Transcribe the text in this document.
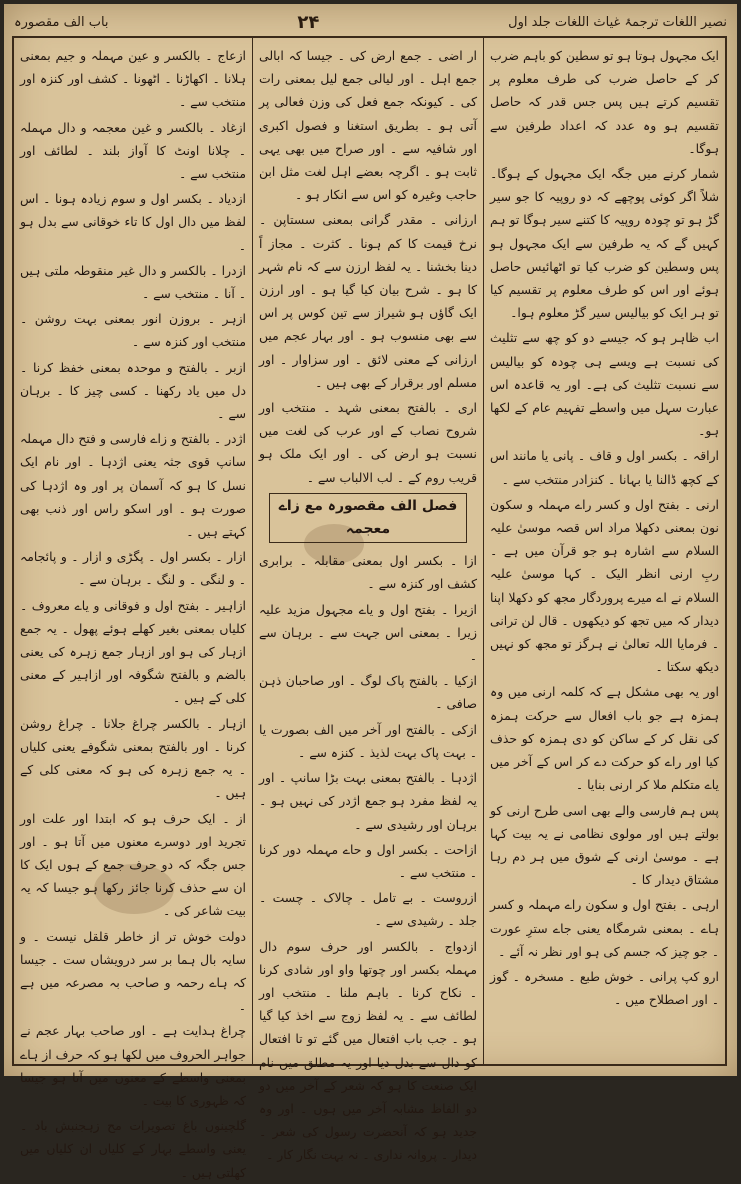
نصیر اللغات ترجمۂ غیاث اللغات جلد اول
۲۴
باب الف مقصورہ

ایک مجہول ہوتا ہو تو سطین کو باہم ضرب کر کے حاصل ضرب کی طرف معلوم پر تقسیم کرتے ہیں پس جس قدر کہ حاصل تقسیم ہو وہ عدد کہ اعداد طرفین سے ہوگا۔

شمار کرنے میں جگہ ایک مجہول کے ہوگا۔ شلاً اگر کوئی پوچھے کہ دو روپیہ کا جو سیر گڑ ہو تو چودہ روپیہ کا کتنے سیر ہوگا تو ہم کہیں گے کہ یہ طرفین سے ایک مجہول ہو پس وسطین کو ضرب کیا تو اٹھائیس حاصل ہوئے اور اس کو طرف معلوم پر تقسیم کیا تو ہر ایک کو بیالیس سیر گڑ معلوم ہوا۔

اب ظاہر ہو کہ جیسے دو کو چھ سے تثلیث کی نسبت ہے ویسے ہی چودہ کو بیالیس سے نسبت تثلیث کی ہے۔ اور یہ قاعدہ اس عبارت سہل میں واسطے تفہیم عام کے لکھا ہو۔

اراقہ ۔ بکسر اول و قاف ۔ پانی یا مانند اس کے کچھ ڈالنا یا بہانا ۔ کنزادر منتخب سے ۔

ارنی ۔ بفتح اول و کسر راے مہملہ و سکون نون بمعنی دکھلا مراد اس قصہ موسیٰ علیہ السلام سے اشارہ ہو جو قرآن میں ہے ۔ ربِ ارنی انظر الیک ۔ کہا موسیٰ علیہ السلام نے اے میرے پروردگار مجھ کو دکھلا اپنا دیدار کہ میں تجھ کو دیکھوں ۔ قال لن ترانی ۔ فرمایا اللہ تعالیٰ نے ہرگز تو مجھ کو نہیں دیکھ سکتا ۔

اور یہ بھی مشکل ہے کہ کلمہ ارنی میں وہ ہمزہ ہے جو باب افعال سے حرکت ہمزہ کی نقل کر کے ساکن کو دی ہمزہ کو حذف کیا اور راے کو حرکت دے کر اس کے آخر میں یاے متکلم ملا کر ارنی بنایا ۔

پس ہم فارسی والے بھی اسی طرح ارنی کو بولتے ہیں اور مولوی نظامی نے یہ بیت کہا ہے ۔ موسیٰ ارنی کے شوق میں ہر دم رہا مشتاق دیدار کا ۔

ارہی ۔ بفتح اول و سکون راے مہملہ و کسر ہاے ۔ بمعنی شرمگاہ یعنی جاے سترِ عورت ۔ جو چیز کہ جسم کی ہو اور نظر نہ آئے ۔

ارو کپ پرانی ۔ خوش طبع ۔ مسخرہ ۔ گوز ۔ اور اصطلاح میں ۔

ار اضی ۔ جمع ارض کی ۔ جیسا کہ ابالی جمع اہل ۔ اور لیالی جمع لیل بمعنی رات کی ۔ کیونکہ جمع فعل کی وزن فعالی پر آتی ہو ۔ بطریق استغنا و فصول اکبری اور شافیہ سے ۔ اور صراح میں بھی یہی ثابت ہو ۔ اگرچہ بعضے اہل لغت مثل ابن حاجب وغیرہ کو اس سے انکار ہو ۔

ارزانی ۔ مقدر گرانی بمعنی سستاپن ۔ نرخ قیمت کا کم ہونا ۔ کثرت ۔ مجاز اً دینا بخشنا ۔ یہ لفظ ارزن سے کہ نام شہر کا ہو ۔ شرح بیان کیا گیا ہو ۔ اور ارزن ایک گاؤں ہو شیراز سے تین کوس پر اس سے بھی منسوب ہو ۔ اور بہار عجم میں ارزانی کے معنی لائق ۔ اور سزاوار ۔ اور مسلم اور برقرار کے بھی ہیں ۔

اری ۔ بالفتح بمعنی شہد ۔ منتخب اور شروح نصاب کے اور عرب کی لغت میں نسبت ہو ارض کی ۔ اور ایک ملک ہو قریب روم کے ۔ لب الالباب سے ۔

فصل الف مقصورہ مع زاے معجمہ

ازا ۔ بکسر اول بمعنی مقابلہ ۔ برابری کشف اور کنزہ سے ۔

ازیرا ۔ بفتح اول و یاے مجہول مزید علیہ زیرا ۔ بمعنی اس جہت سے ۔ برہان سے ۔

ازکیا ۔ بالفتح پاک لوگ ۔ اور صاحبان ذہن صافی ۔

ازکی ۔ بالفتح اور آخر میں الف بصورت یا ۔ بہت پاک بہت لذیذ ۔ کنزہ سے ۔

اژدہا ۔ بالفتح بمعنی بہت بڑا سانپ ۔ اور یہ لفظ مفرد ہو جمع اژدر کی نہیں ہو ۔ برہان اور رشیدی سے ۔

ازاحت ۔ بکسر اول و حاے مہملہ دور کرنا ۔ منتخب سے ۔

ازروست ۔ بے تامل ۔ چالاک ۔ چست ۔ جلد ۔ رشیدی سے ۔

ازدواج ۔ بالکسر اور حرف سوم دال مہملہ بکسر اور چوتھا واو اور شادی کرنا ۔ نکاح کرنا ۔ باہم ملنا ۔ منتخب اور لطائف سے ۔ یہ لفظ زوج سے اخذ کیا گیا ہو ۔ جب باب افتعال میں گئے تو تا افتعال کو دال سے بدل دیا اور یہ مطلق میں نام ایک صنعت کا ہو کہ شعر کے آخر میں دو دو الفاظ مشابہ آخر میں ہوں ۔ اور وہ جدید ہو کہ آنحضرت رسول کی شعر ۔ دیدار ۔ پروانہ نداری ۔ نہ بہت نگار کار ۔

ازعاج ۔ بالکسر و عین مہملہ و جیم بمعنی ہلانا ۔ اکھاڑنا ۔ اٹھونا ۔ کشف اور کنزہ اور منتخب سے ۔

ازغاد ۔ بالکسر و غین معجمہ و دال مہملہ ۔ چلانا اونٹ کا آواز بلند ۔ لطائف اور منتخب سے ۔

ازدیاد ۔ بکسر اول و سوم زیادہ ہونا ۔ اس لفظ میں دال اول کا تاء خوقانی سے بدل ہو ۔

ازدرا ۔ بالکسر و دال غیر منقوطہ ملتی ہیں ۔ آنا ۔ منتخب سے ۔

ازہر ۔ بروزن انور بمعنی بہت روشن ۔ منتخب اور کنزہ سے ۔

ازبر ۔ بالفتح و موحدہ بمعنی خفظ کرنا ۔ دل میں یاد رکھنا ۔ کسی چیز کا ۔ برہان سے ۔

اژدر ۔ بالفتح و زاے فارسی و فتح دال مہملہ سانپ قوی جثہ یعنی اژدہا ۔ اور نام ایک نسل کا ہو کہ آسمان پر اور وہ اژدہا کی صورت ہو ۔ اور اسکو راس اور ذنب بھی کہتے ہیں ۔

ازار ۔ بکسر اول ۔ پگڑی و ازار ۔ و پائجامہ ۔ و لنگی ۔ و لنگ ۔ برہان سے ۔

ازاہیر ۔ بفتح اول و فوقانی و یاے معروف ۔ کلیاں بمعنی بغیر کھلے ہوئے پھول ۔ یہ جمع ازہار کی ہو اور ازہار جمع زہرہ کی یعنی بالضم و بالفتح شگوفہ اور ازاہیر کے معنی کلی کے ہیں ۔

ازہار ۔ بالکسر چراغ جلانا ۔ چراغ روشن کرنا ۔ اور بالفتح بمعنی شگوفے یعنی کلیاں ۔ یہ جمع زہرہ کی ہو کہ معنی کلی کے ہیں ۔

از ۔ ایک حرف ہو کہ ابتدا اور علت اور تجرید اور دوسرے معنوں میں آتا ہو ۔ اور جس جگہ کہ دو حرف جمع کے ہوں ایک کا ان سے حذف کرنا جائز رکھا ہو جیسا کہ یہ بیت شاعر کی ۔

دولت خوش تر از خاطر قلقل نیست ۔ و سایہ بال ہما بر سر درویشاں ست ۔ جیسا کہ ہاے رحمہ و صاحب بہ مصرعہ میں ہے ۔

چراغ ہدایت ہے ۔ اور صاحب بہار عجم نے جواہر الحروف میں لکھا ہو کہ حرف از ہاے بمعنی واسطے کے معنوں میں آتا ہو جیسا کہ ظہوری کا بیت ۔

گلچینوں باغ تصویرات مح زہجنبش باد ۔ یعنی واسطے بہار کے کلیاں ان کلیاں میں کھلتی ہیں ۔
